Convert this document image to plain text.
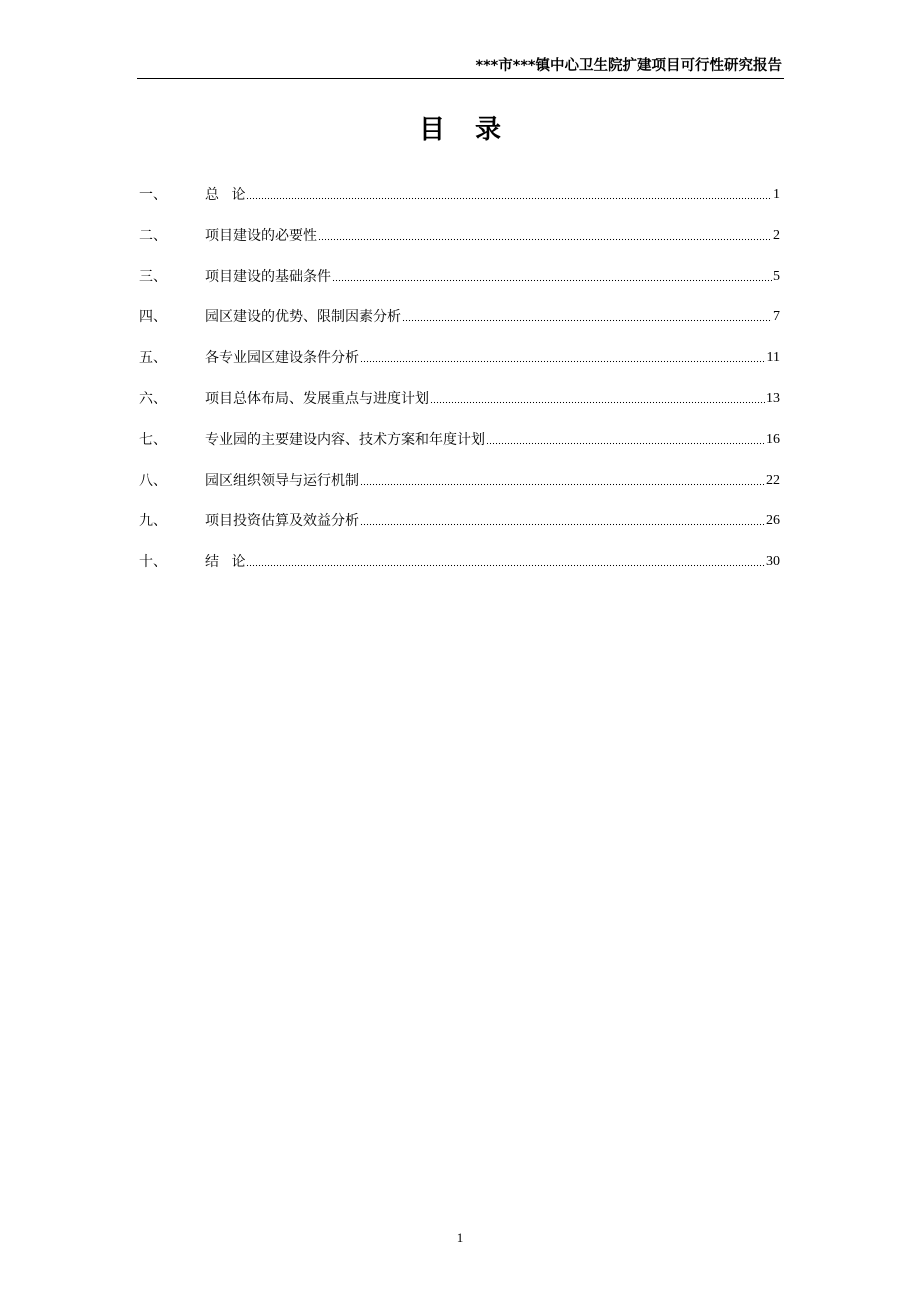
***市***镇中心卫生院扩建项目可行性研究报告
目录
一、	总 论	1
二、	项目建设的必要性	2
三、	项目建设的基础条件	5
四、	园区建设的优势、限制因素分析	7
五、	各专业园区建设条件分析	11
六、	项目总体布局、发展重点与进度计划	13
七、	专业园的主要建设内容、技术方案和年度计划	16
八、	园区组织领导与运行机制	22
九、	项目投资估算及效益分析	26
十、	结 论	30
1
